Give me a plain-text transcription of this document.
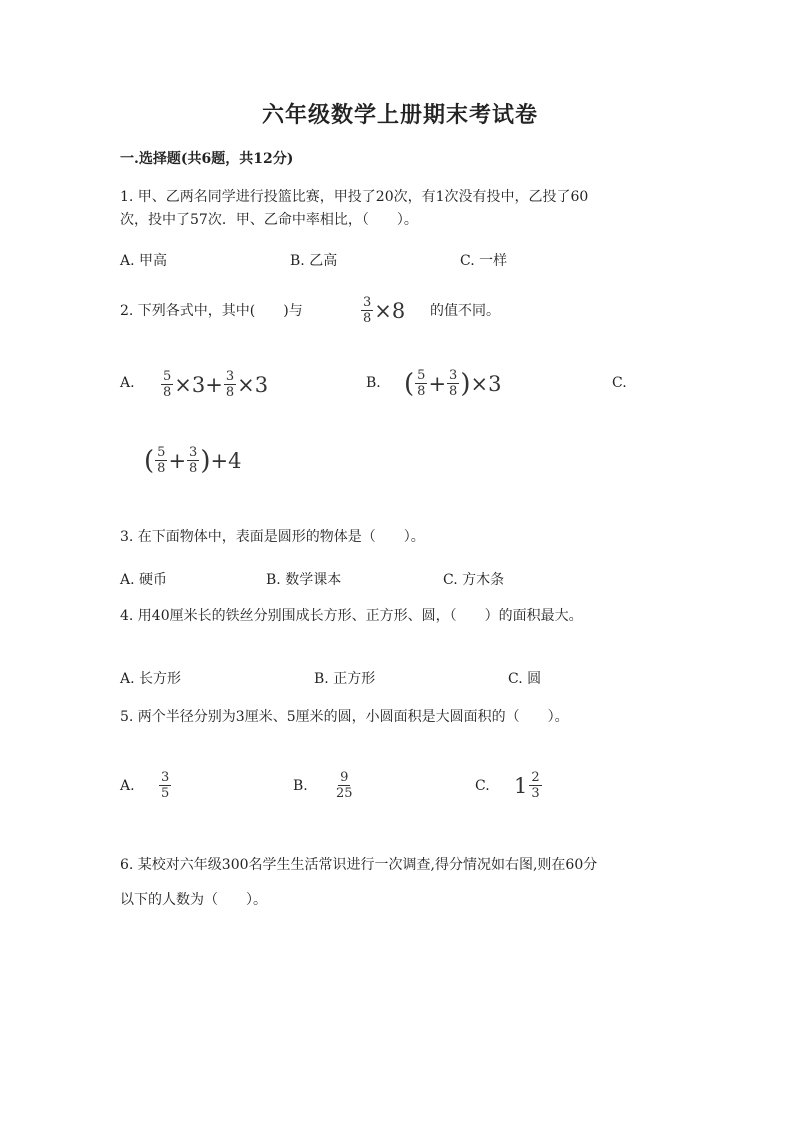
六年级数学上册期末考试卷
一.选择题(共6题，共12分)
1. 甲、乙两名同学进行投篮比赛，甲投了20次，有1次没有投中，乙投了60
次，投中了57次．甲、乙命中率相比，（　　）。
A. 甲高	B. 乙高	C. 一样
2. 下列各式中，其中(　　)与	$\frac{3}{8} \times 8$ 的值不同。
A. $\frac{5}{8} \times 3+ \frac{3}{8} \times 3$	B. ( $\frac{5}{8} + \frac{3}{8}$ ) ×3	C.
( $\frac{5}{8} + \frac{3}{8}$ ) +4
3. 在下面物体中，表面是圆形的物体是（　　）。
A. 硬币	B. 数学课本	C. 方木条
4. 用40厘米长的铁丝分别围成长方形、正方形、圆，（　　）的面积最大。
A. 长方形	B. 正方形	C. 圆
5. 两个半径分别为3厘米、5厘米的圆，小圆面积是大圆面积的（　　）。
A. $\frac{3}{5}$	B. $\frac{9}{25}$	C. $1 \frac{2}{3}$
6. 某校对六年级300名学生生活常识进行一次调查,得分情况如右图,则在60分
以下的人数为（　　）。
